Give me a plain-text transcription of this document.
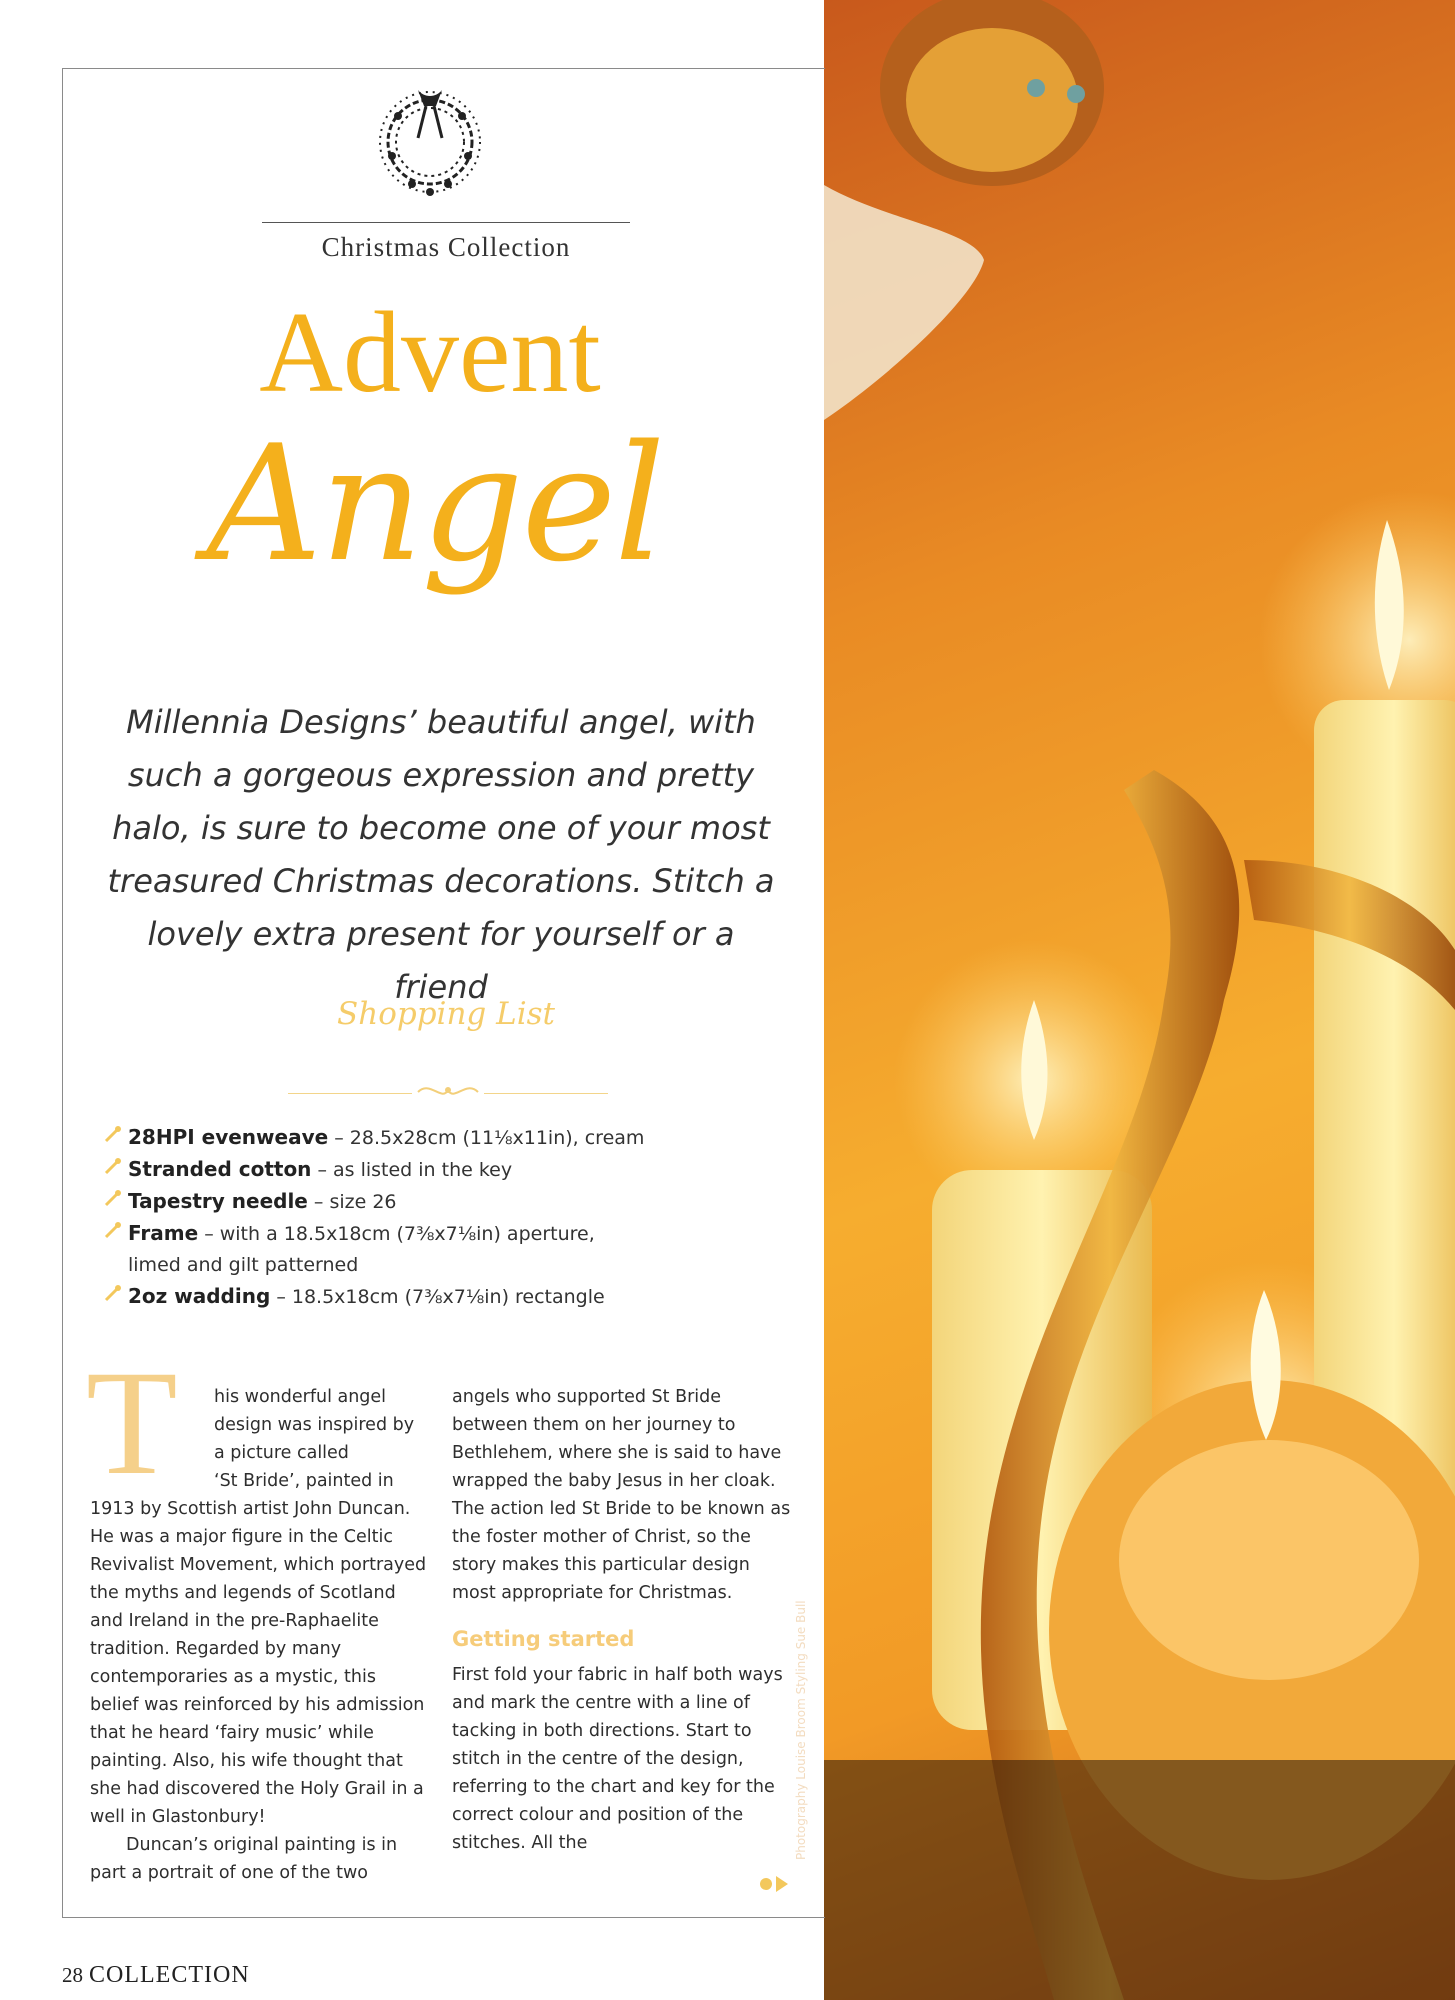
Christmas Collection
Advent
Angel
Millennia Designs’ beautiful angel, with such a gorgeous expression and pretty halo, is sure to become one of your most treasured Christmas decorations. Stitch a lovely extra present for yourself or a friend
Shopping List
28HPI evenweave – 28.5x28cm (11⅛x11in), cream
Stranded cotton – as listed in the key
Tapestry needle – size 26
Frame – with a 18.5x18cm (7⅜x7⅛in) aperture, limed and gilt patterned
2oz wadding – 18.5x18cm (7⅜x7⅛in) rectangle
T	his wonderful angel

design was inspired by

a picture called

‘St Bride’, painted in

1913 by Scottish artist John Duncan. He was a major figure in the Celtic Revivalist Movement, which portrayed the myths and legends of Scotland and Ireland in the pre-Raphaelite tradition. Regarded by many contemporaries as a mystic, this belief was reinforced by his admission that he heard ‘fairy music’ while painting. Also, his wife thought that she had discovered the Holy Grail in a well in Glastonbury!

Duncan’s original painting is in part a portrait of one of the two

angels who supported St Bride between them on her journey to Bethlehem, where she is said to have wrapped the baby Jesus in her cloak. The action led St Bride to be known as the foster mother of Christ, so the story makes this particular design most appropriate for Christmas.

Getting started

First fold your fabric in half both ways and mark the centre with a line of tacking in both directions. Start to stitch in the centre of the design, referring to the chart and key for the correct colour and position of the stitches. All the	Photography Louise Broom Styling Sue Bull
28 COLLECTION
